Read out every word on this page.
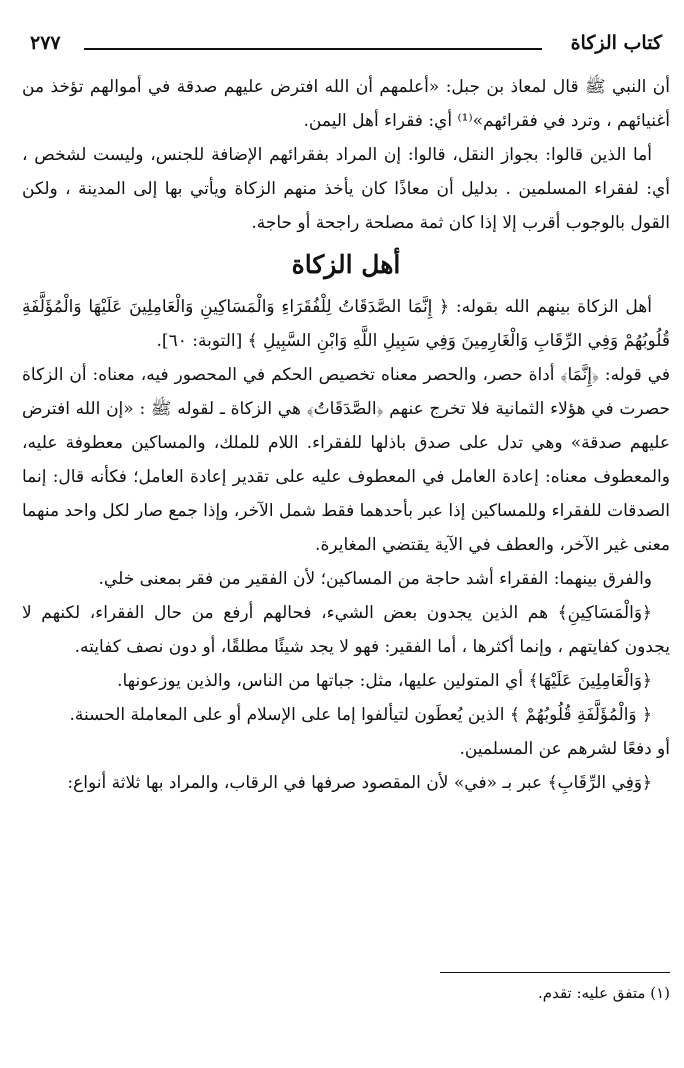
كتاب الزكاة
٢٧٧

أن النبي ﷺ قال لمعاذ بن جبل: «أعلمهم أن الله افترض عليهم صدقة في أموالهم تؤخذ من أغنيائهم ، وترد في فقرائهم»⁽¹⁾ أي: فقراء أهل اليمن.

أما الذين قالوا: بجواز النقل، قالوا: إن المراد بفقرائهم الإضافة للجنس، وليست لشخص ، أي: لفقراء المسلمين . بدليل أن معاذًا كان يأخذ منهم الزكاة ويأتي بها إلى المدينة ، ولكن القول بالوجوب أقرب إلا إذا كان ثمة مصلحة راجحة أو حاجة.

أهل الزكاة

أهل الزكاة بينهم الله بقوله: ﴿ إِنَّمَا الصَّدَقَاتُ لِلْفُقَرَاءِ وَالْمَسَاكِينِ وَالْعَامِلِينَ عَلَيْهَا وَالْمُؤَلَّفَةِ قُلُوبُهُمْ وَفِي الرِّقَابِ وَالْغَارِمِينَ وَفِي سَبِيلِ اللَّهِ وَابْنِ السَّبِيلِ ﴾ [التوبة: ٦٠].

في قوله: ﴿إِنَّمَا﴾ أداة حصر، والحصر معناه تخصيص الحكم في المحصور فيه، معناه: أن الزكاة حصرت في هؤلاء الثمانية فلا تخرج عنهم ﴿الصَّدَقَاتُ﴾ هي الزكاة ـ لقوله ﷺ : «إن الله افترض عليهم صدقة» وهي تدل على صدق باذلها للفقراء. اللام للملك، والمساكين معطوفة عليه، والمعطوف معناه: إعادة العامل في المعطوف عليه على تقدير إعادة العامل؛ فكأنه قال: إنما الصدقات للفقراء وللمساكين إذا عبر بأحدهما فقط شمل الآخر، وإذا جمع صار لكل واحد منهما معنى غير الآخر، والعطف في الآية يقتضي المغايرة.

والفرق بينهما: الفقراء أشد حاجة من المساكين؛ لأن الفقير من فقر بمعنى خلي.

﴿وَالْمَسَاكِينِ﴾ هم الذين يجدون بعض الشيء، فحالهم أرفع من حال الفقراء، لكنهم لا يجدون كفايتهم ، وإنما أكثرها ، أما الفقير: فهو لا يجد شيئًا مطلقًا، أو دون نصف كفايته.

﴿وَالْعَامِلِينَ عَلَيْهَا﴾ أي المتولين عليها، مثل: جباتها من الناس، والذين يوزعونها.

﴿ وَالْمُؤَلَّفَةِ قُلُوبُهُمْ ﴾ الذين يُعطَون لتيألفوا إما على الإسلام أو على المعاملة الحسنة.

أو دفعًا لشرهم عن المسلمين.

﴿وَفِي الرِّقَابِ﴾ عبر بـ «في» لأن المقصود صرفها في الرقاب، والمراد بها ثلاثة أنواع:

(١) متفق عليه: تقدم.
